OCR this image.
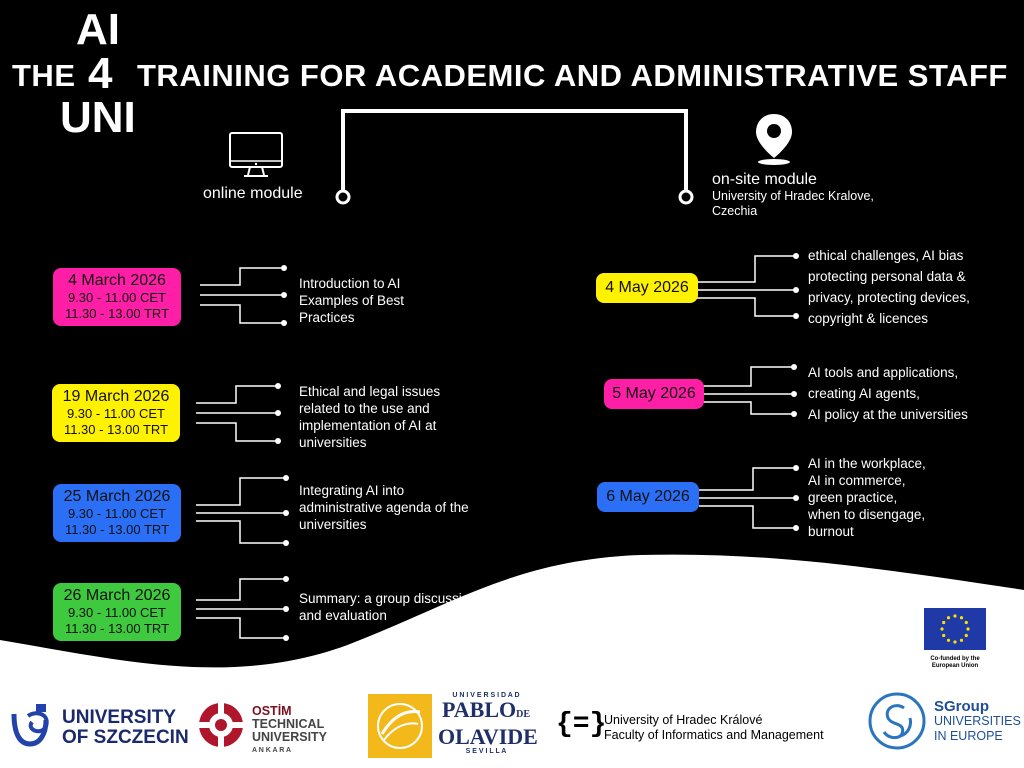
THE
AI
4
UNI
TRAINING FOR ACADEMIC AND ADMINISTRATIVE STAFF
online module
on-site module
University of Hradec Kralove,
Czechia
4 March 2026
9.30 - 11.00 CET
11.30 - 13.00 TRT
Introduction to AI Examples of Best Practices
19 March 2026
9.30 - 11.00 CET
11.30 - 13.00 TRT
Ethical and legal issues related to the use and implementation of AI at universities
25 March 2026
9.30 - 11.00 CET
11.30 - 13.00 TRT
Integrating AI into administrative agenda of the universities
26 March 2026
9.30 - 11.00 CET
11.30 - 13.00 TRT
Summary: a group discussion and evaluation
4 May 2026
ethical challenges, AI bias
protecting personal data &
privacy, protecting devices,
copyright & licences
5 May 2026
AI tools and applications,
creating AI agents,
AI policy at the universities
6 May 2026
AI in the workplace,
AI in commerce,
green practice,
when to disengage,
burnout
Co-funded by the
European Union
UNIVERSITY
OF SZCZECIN
OSTİM
TECHNICAL
UNIVERSITY
A N K A R A
U N I V E R S I D A D
PABLODE
OLAVIDE
S E V I L L A
{=}
University of Hradec Králové
Faculty of Informatics and Management
SGroup
UNIVERSITIES
IN EUROPE
